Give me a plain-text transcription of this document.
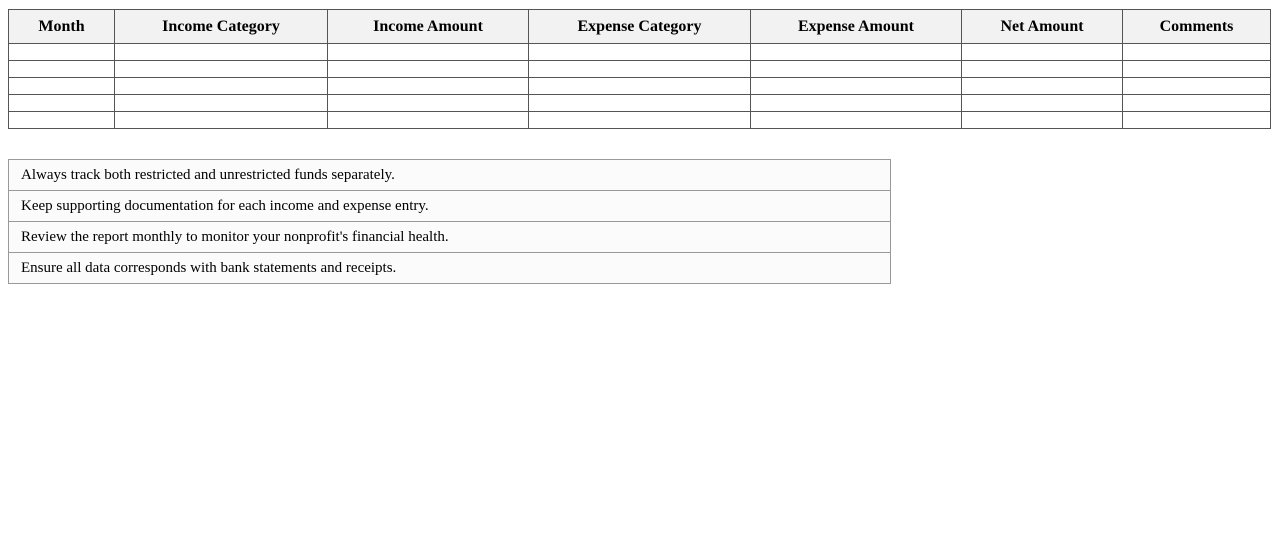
Month	Income Category	Income Amount	Expense Category	Expense Amount	Net Amount	Comments

Always track both restricted and unrestricted funds separately.
Keep supporting documentation for each income and expense entry.
Review the report monthly to monitor your nonprofit's financial health.
Ensure all data corresponds with bank statements and receipts.
